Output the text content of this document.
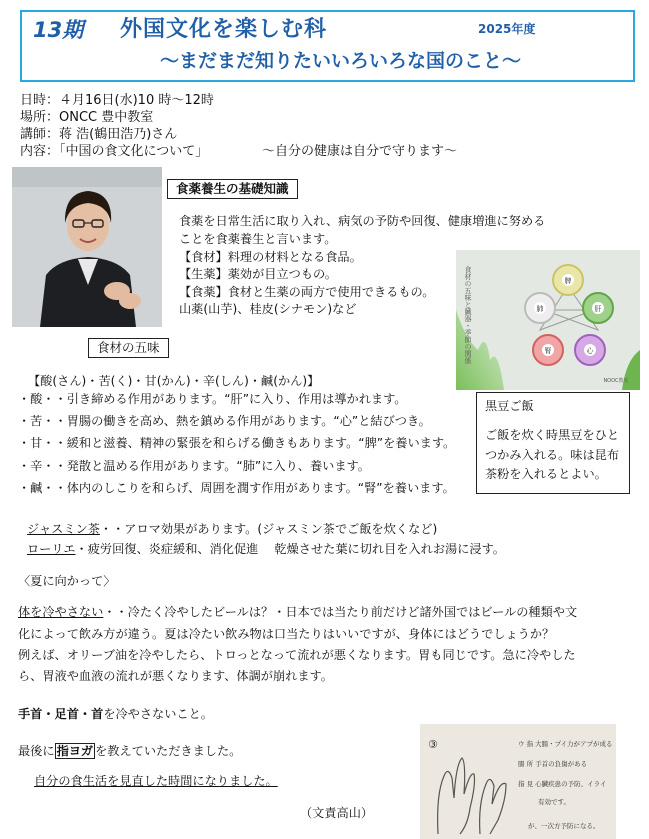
13期 外国文化を楽しむ科	2025年度
～まだまだ知りたいいろいろな国のこと～
日時：４月16日(水)10 時～12時
場所：ONCC 豊中教室
講師：蒋 浩(鶴田浩乃)さん
内容：「中国の食文化について」	～自分の健康は自分で守ります～
食薬養生の基礎知識
食薬を日常生活に取り入れ、病気の予防や回復、健康増進に努める
ことを食薬養生と言います。
【食材】料理の材料となる食品。
【生薬】薬効が目立つもの。
【食薬】食材と生薬の両方で使用できるもの。
山薬(山芋)、桂皮(シナモン)など	食材の五味と臓器・季節の関係	脾
肺	肝
腎	心
NOOC教室
食材の五味
【酸(さん)・苦(く)・甘(かん)・辛(しん)・鹹(かん)】
・酸・・引き締める作用があります。“肝”に入り、作用は導かれます。
・苦・・胃腸の働きを高め、熱を鎮める作用があります。“心”と結びつき。
・甘・・緩和と滋養、精神の緊張を和らげる働きもあります。“脾”を養います。
・辛・・発散と温める作用があります。“肺”に入り、養います。
・鹹・・体内のしこりを和らげ、周囲を潤す作用があります。“腎”を養います。
黒豆ご飯
ご飯を炊く時黒豆をひと
つかみ入れる。味は昆布
茶粉を入れるとよい。
ジャスミン茶・・アロマ効果があります。(ジャスミン茶でご飯を炊くなど)
ローリエ・疲労回復、炎症緩和、消化促進　 乾燥させた葉に切れ目を入れお湯に浸す。
〈夏に向かって〉
体を冷やさない・・冷たく冷やしたビールは？・日本では当たり前だけど諸外国ではビールの種類や文
化によって飲み方が違う。夏は冷たい飲み物は口当たりはいいですが、身体にはどうでしょうか？
例えば、オリーブ油を冷やしたら、トロっとなって流れが悪くなります。胃も同じです。急に冷やした
ら、胃液や血液の流れが悪くなります、体調が崩れます。
手首・足首・首を冷やさないこと。
最後に 指ヨガ を教えていただきました。
自分の食生活を見直した時間になりました。
（文責高山）
③	ウ 指 大腸・プイ力がアプが成る
腸 所 手首の負傷がある
指 見 心臓疾患の予防、イライ
有効です。
が、一次方予防になる。
